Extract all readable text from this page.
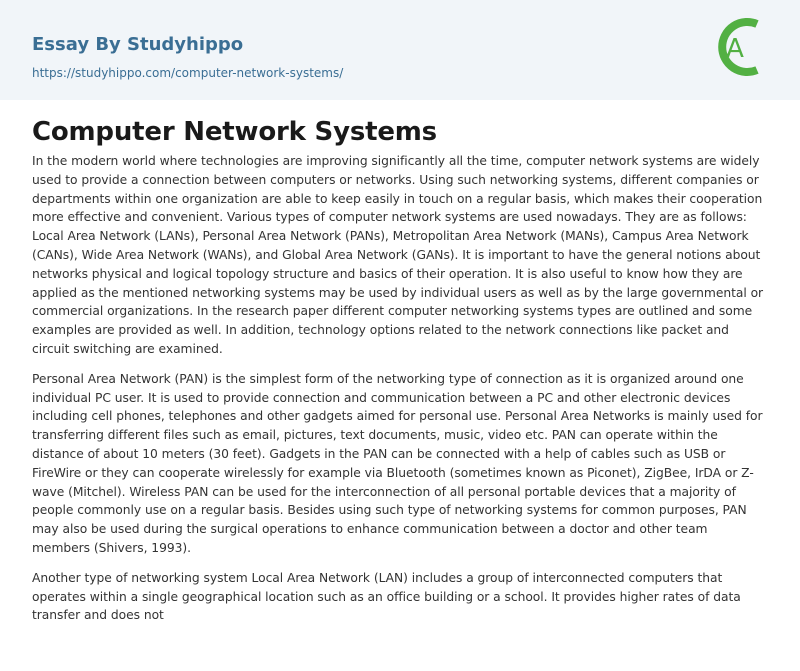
Essay By Studyhippo
https://studyhippo.com/computer-network-systems/
A
Computer Network Systems

In the modern world where technologies are improving significantly all the time, computer network systems are widely used to provide a connection between computers or networks. Using such networking systems, different companies or departments within one organization are able to keep easily in touch on a regular basis, which makes their cooperation more effective and convenient. Various types of computer network systems are used nowadays. They are as follows: Local Area Network (LANs), Personal Area Network (PANs), Metropolitan Area Network (MANs), Campus Area Network (CANs), Wide Area Network (WANs), and Global Area Network (GANs). It is important to have the general notions about networks physical and logical topology structure and basics of their operation. It is also useful to know how they are applied as the mentioned networking systems may be used by individual users as well as by the large governmental or commercial organizations. In the research paper different computer networking systems types are outlined and some examples are provided as well. In addition, technology options related to the network connections like packet and circuit switching are examined.

Personal Area Network (PAN) is the simplest form of the networking type of connection as it is organized around one individual PC user. It is used to provide connection and communication between a PC and other electronic devices including cell phones, telephones and other gadgets aimed for personal use. Personal Area Networks is mainly used for transferring different files such as email, pictures, text documents, music, video etc. PAN can operate within the distance of about 10 meters (30 feet). Gadgets in the PAN can be connected with a help of cables such as USB or FireWire or they can cooperate wirelessly for example via Bluetooth (sometimes known as Piconet), ZigBee, IrDA or Z-wave (Mitchel). Wireless PAN can be used for the interconnection of all personal portable devices that a majority of people commonly use on a regular basis. Besides using such type of networking systems for common purposes, PAN may also be used during the surgical operations to enhance communication between a doctor and other team members (Shivers, 1993).

Another type of networking system Local Area Network (LAN) includes a group of interconnected computers that operates within a single geographical location such as an office building or a school. It provides higher rates of data transfer and does not
